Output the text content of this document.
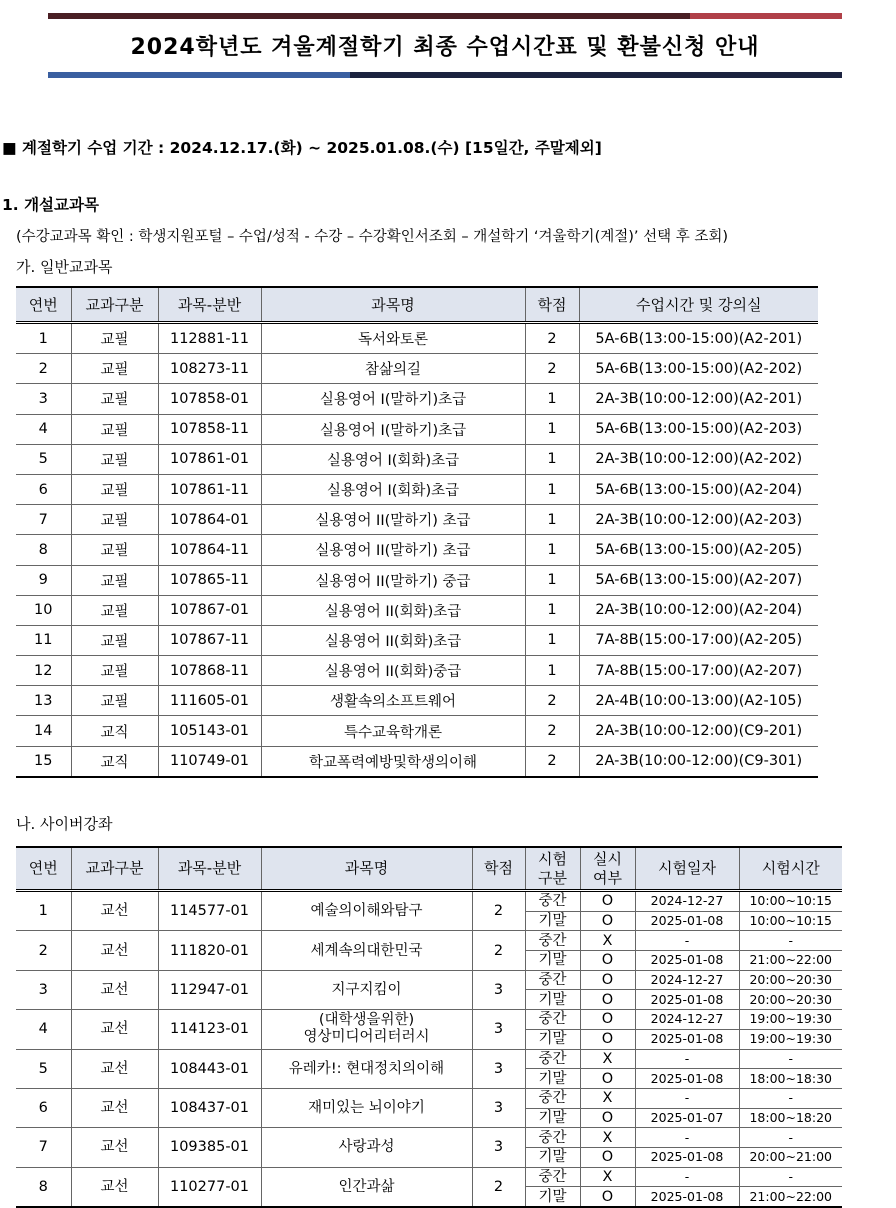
2024학년도 겨울계절학기 최종 수업시간표 및 환불신청 안내
■ 계절학기 수업 기간 : 2024.12.17.(화) ~ 2025.01.08.(수) [15일간, 주말제외]
1. 개설교과목
(수강교과목 확인 : 학생지원포털 – 수업/성적 - 수강 – 수강확인서조회 – 개설학기 ‘겨울학기(계절)’ 선택 후 조회)
가. 일반교과목
연번	교과구분	과목-분반	과목명	학점	수업시간 및 강의실
1	교필	112881-11	독서와토론	2	5A-6B(13:00-15:00)(A2-201)
2	교필	108273-11	참삶의길	2	5A-6B(13:00-15:00)(A2-202)
3	교필	107858-01	실용영어 I(말하기)초급	1	2A-3B(10:00-12:00)(A2-201)
4	교필	107858-11	실용영어 I(말하기)초급	1	5A-6B(13:00-15:00)(A2-203)
5	교필	107861-01	실용영어 I(회화)초급	1	2A-3B(10:00-12:00)(A2-202)
6	교필	107861-11	실용영어 I(회화)초급	1	5A-6B(13:00-15:00)(A2-204)
7	교필	107864-01	실용영어 II(말하기) 초급	1	2A-3B(10:00-12:00)(A2-203)
8	교필	107864-11	실용영어 II(말하기) 초급	1	5A-6B(13:00-15:00)(A2-205)
9	교필	107865-11	실용영어 II(말하기) 중급	1	5A-6B(13:00-15:00)(A2-207)
10	교필	107867-01	실용영어 II(회화)초급	1	2A-3B(10:00-12:00)(A2-204)
11	교필	107867-11	실용영어 II(회화)초급	1	7A-8B(15:00-17:00)(A2-205)
12	교필	107868-11	실용영어 II(회화)중급	1	7A-8B(15:00-17:00)(A2-207)
13	교필	111605-01	생활속의소프트웨어	2	2A-4B(10:00-13:00)(A2-105)
14	교직	105143-01	특수교육학개론	2	2A-3B(10:00-12:00)(C9-201)
15	교직	110749-01	학교폭력예방및학생의이해	2	2A-3B(10:00-12:00)(C9-301)
나. 사이버강좌
연번	교과구분	과목-분반	과목명	학점	시험
구분	실시
여부	시험일자	시험시간
1	교선	114577-01	예술의이해와탐구	2	중간	O	2024-12-27	10:00~10:15
					기말	O	2025-01-08	10:00~10:15
2	교선	111820-01	세계속의대한민국	2	중간	X	-	-
					기말	O	2025-01-08	21:00~22:00
3	교선	112947-01	지구지킴이	3	중간	O	2024-12-27	20:00~20:30
					기말	O	2025-01-08	20:00~20:30
4	교선	114123-01	(대학생을위한)
영상미디어리터러시	3	중간	O	2024-12-27	19:00~19:30
					기말	O	2025-01-08	19:00~19:30
5	교선	108443-01	유레카!: 현대정치의이해	3	중간	X	-	-
					기말	O	2025-01-08	18:00~18:30
6	교선	108437-01	재미있는 뇌이야기	3	중간	X	-	-
					기말	O	2025-01-07	18:00~18:20
7	교선	109385-01	사랑과성	3	중간	X	-	-
					기말	O	2025-01-08	20:00~21:00
8	교선	110277-01	인간과삶	2	중간	X	-	-
					기말	O	2025-01-08	21:00~22:00
